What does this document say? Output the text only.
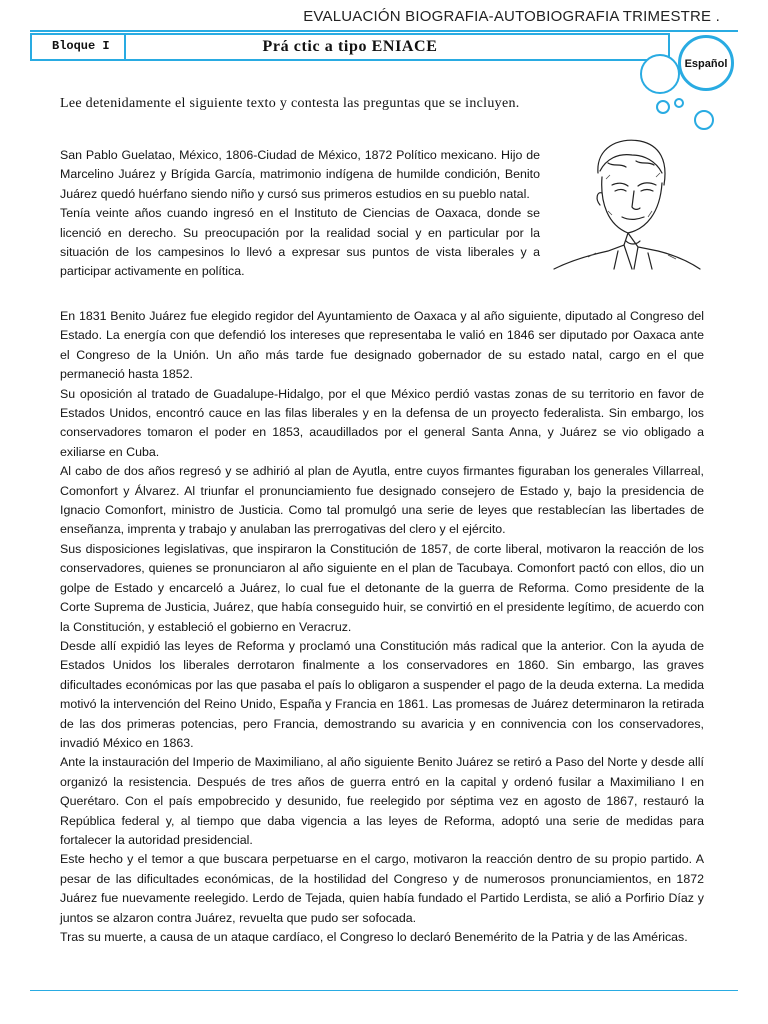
EVALUACIÓN BIOGRAFIA-AUTOBIOGRAFIA TRIMESTRE .
Bloque I	Prá ctic a tipo ENIACE
Español
Lee detenidamente el siguiente texto y contesta las preguntas que se incluyen.

San Pablo Guelatao, México, 1806-Ciudad de México, 1872 Político mexicano. Hijo de Marcelino Juárez y Brígida García, matrimonio indígena de humilde condición, Benito Juárez quedó huérfano siendo niño y cursó sus primeros estudios en su pueblo natal.

Tenía veinte años cuando ingresó en el Instituto de Ciencias de Oaxaca, donde se licenció en derecho. Su preocupación por la realidad social y en particular por la situación de los campesinos lo llevó a expresar sus puntos de vista liberales y a participar activamente en política.

En 1831 Benito Juárez fue elegido regidor del Ayuntamiento de Oaxaca y al año siguiente, diputado al Congreso del Estado. La energía con que defendió los intereses que representaba le valió en 1846 ser diputado por Oaxaca ante el Congreso de la Unión. Un año más tarde fue designado gobernador de su estado natal, cargo en el que permaneció hasta 1852.

Su oposición al tratado de Guadalupe-Hidalgo, por el que México perdió vastas zonas de su territorio en favor de Estados Unidos, encontró cauce en las filas liberales y en la defensa de un proyecto federalista. Sin embargo, los conservadores tomaron el poder en 1853, acaudillados por el general Santa Anna, y Juárez se vio obligado a exiliarse en Cuba.

Al cabo de dos años regresó y se adhirió al plan de Ayutla, entre cuyos firmantes figuraban los generales Villarreal, Comonfort y Álvarez. Al triunfar el pronunciamiento fue designado consejero de Estado y, bajo la presidencia de Ignacio Comonfort, ministro de Justicia. Como tal promulgó una serie de leyes que restablecían las libertades de enseñanza, imprenta y trabajo y anulaban las prerrogativas del clero y el ejército.

Sus disposiciones legislativas, que inspiraron la Constitución de 1857, de corte liberal, motivaron la reacción de los conservadores, quienes se pronunciaron al año siguiente en el plan de Tacubaya. Comonfort pactó con ellos, dio un golpe de Estado y encarceló a Juárez, lo cual fue el detonante de la guerra de Reforma. Como presidente de la Corte Suprema de Justicia, Juárez, que había conseguido huir, se convirtió en el presidente legítimo, de acuerdo con la Constitución, y estableció el gobierno en Veracruz.

Desde allí expidió las leyes de Reforma y proclamó una Constitución más radical que la anterior. Con la ayuda de Estados Unidos los liberales derrotaron finalmente a los conservadores en 1860. Sin embargo, las graves dificultades económicas por las que pasaba el país lo obligaron a suspender el pago de la deuda externa. La medida motivó la intervención del Reino Unido, España y Francia en 1861. Las promesas de Juárez determinaron la retirada de las dos primeras potencias, pero Francia, demostrando su avaricia y en connivencia con los conservadores, invadió México en 1863.

Ante la instauración del Imperio de Maximiliano, al año siguiente Benito Juárez se retiró a Paso del Norte y desde allí organizó la resistencia. Después de tres años de guerra entró en la capital y ordenó fusilar a Maximiliano I en Querétaro. Con el país empobrecido y desunido, fue reelegido por séptima vez en agosto de 1867, restauró la República federal y, al tiempo que daba vigencia a las leyes de Reforma, adoptó una serie de medidas para fortalecer la autoridad presidencial.

Este hecho y el temor a que buscara perpetuarse en el cargo, motivaron la reacción dentro de su propio partido. A pesar de las dificultades económicas, de la hostilidad del Congreso y de numerosos pronunciamientos, en 1872 Juárez fue nuevamente reelegido. Lerdo de Tejada, quien había fundado el Partido Lerdista, se alió a Porfirio Díaz y juntos se alzaron contra Juárez, revuelta que pudo ser sofocada.

Tras su muerte, a causa de un ataque cardíaco, el Congreso lo declaró Benemérito de la Patria y de las Américas.
